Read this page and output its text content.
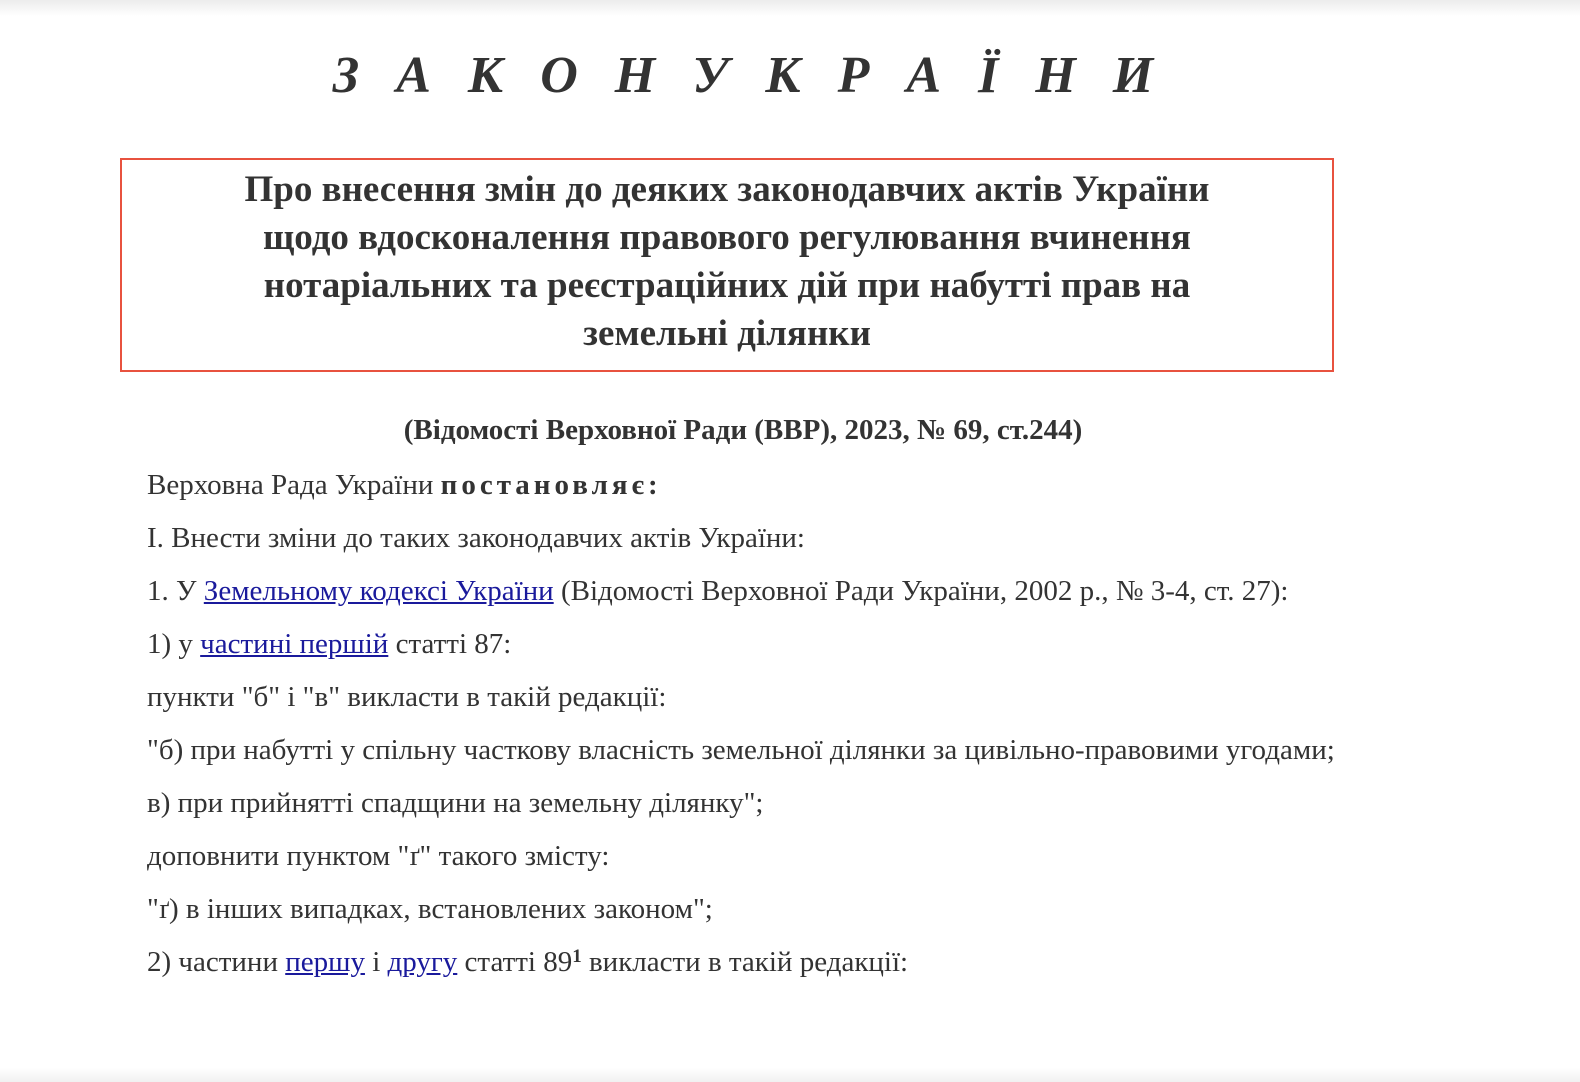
З А К О Н У К Р А Ї Н И
Про внесення змін до деяких законодавчих актів України
щодо вдосконалення правового регулювання вчинення
нотаріальних та реєстраційних дій при набутті прав на
земельні ділянки
(Відомості Верховної Ради (ВВР), 2023, № 69, ст.244)

Верховна Рада України постановляє:

І. Внести зміни до таких законодавчих актів України:

1. У Земельному кодексі України (Відомості Верховної Ради України, 2002 р., № 3-4, ст. 27):

1) у частині першій статті 87:

пункти "б" і "в" викласти в такій редакції:

"б) при набутті у спільну часткову власність земельної ділянки за цивільно-правовими угодами;

в) при прийнятті спадщини на земельну ділянку";

доповнити пунктом "ґ" такого змісту:

"ґ) в інших випадках, встановлених законом";

2) частини першу і другу статті $89^1$ викласти в такій редакції:
